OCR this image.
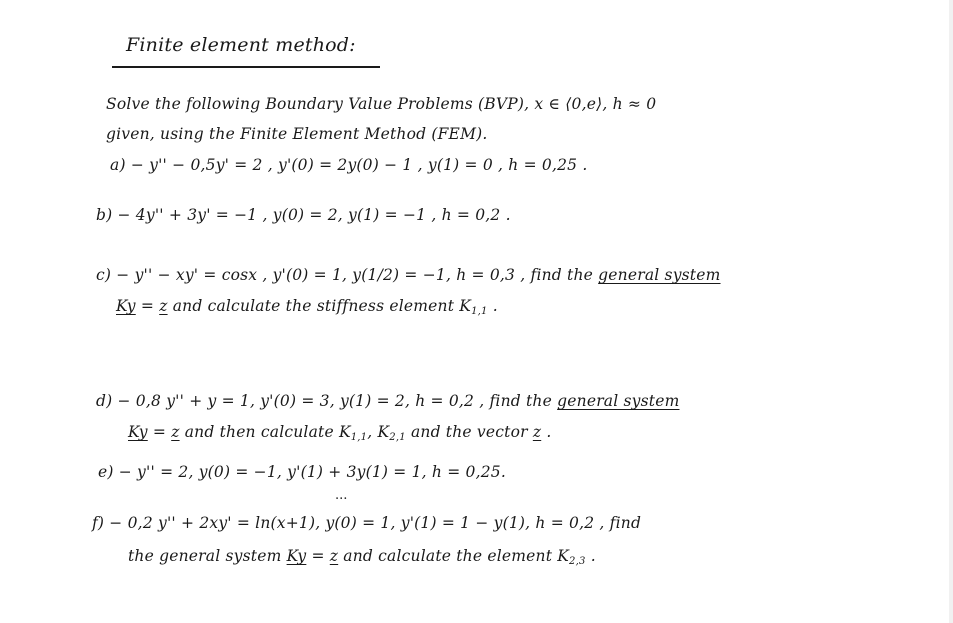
Finite element method:
Solve the following Boundary Value Problems (BVP), x ∈ ⟨0,e⟩, h ≈ 0
given, using the Finite Element Method (FEM).
a) − y'' − 0,5y' = 2 , y'(0) = 2y(0) − 1 , y(1) = 0 , h = 0,25 .
b) − 4y'' + 3y' = −1 , y(0) = 2, y(1) = −1 , h = 0,2 .
c) − y'' − xy' = cosx , y'(0) = 1, y(1/2) = −1, h = 0,3 , find the general system
Ky = z and calculate the stiffness element $K_{1,1}$ .
d) − 0,8 y'' + y = 1, y'(0) = 3, y(1) = 2, h = 0,2 , find the general system
Ky = z and then calculate $K_{1,1}$, $K_{2,1}$ and the vector z .
e) − y'' = 2, y(0) = −1, y'(1) + 3y(1) = 1, h = 0,25.
...
f) − 0,2 y'' + 2xy' = ln(x+1), y(0) = 1, y'(1) = 1 − y(1), h = 0,2 , find
the general system Ky = z and calculate the element $K_{2,3}$ .
